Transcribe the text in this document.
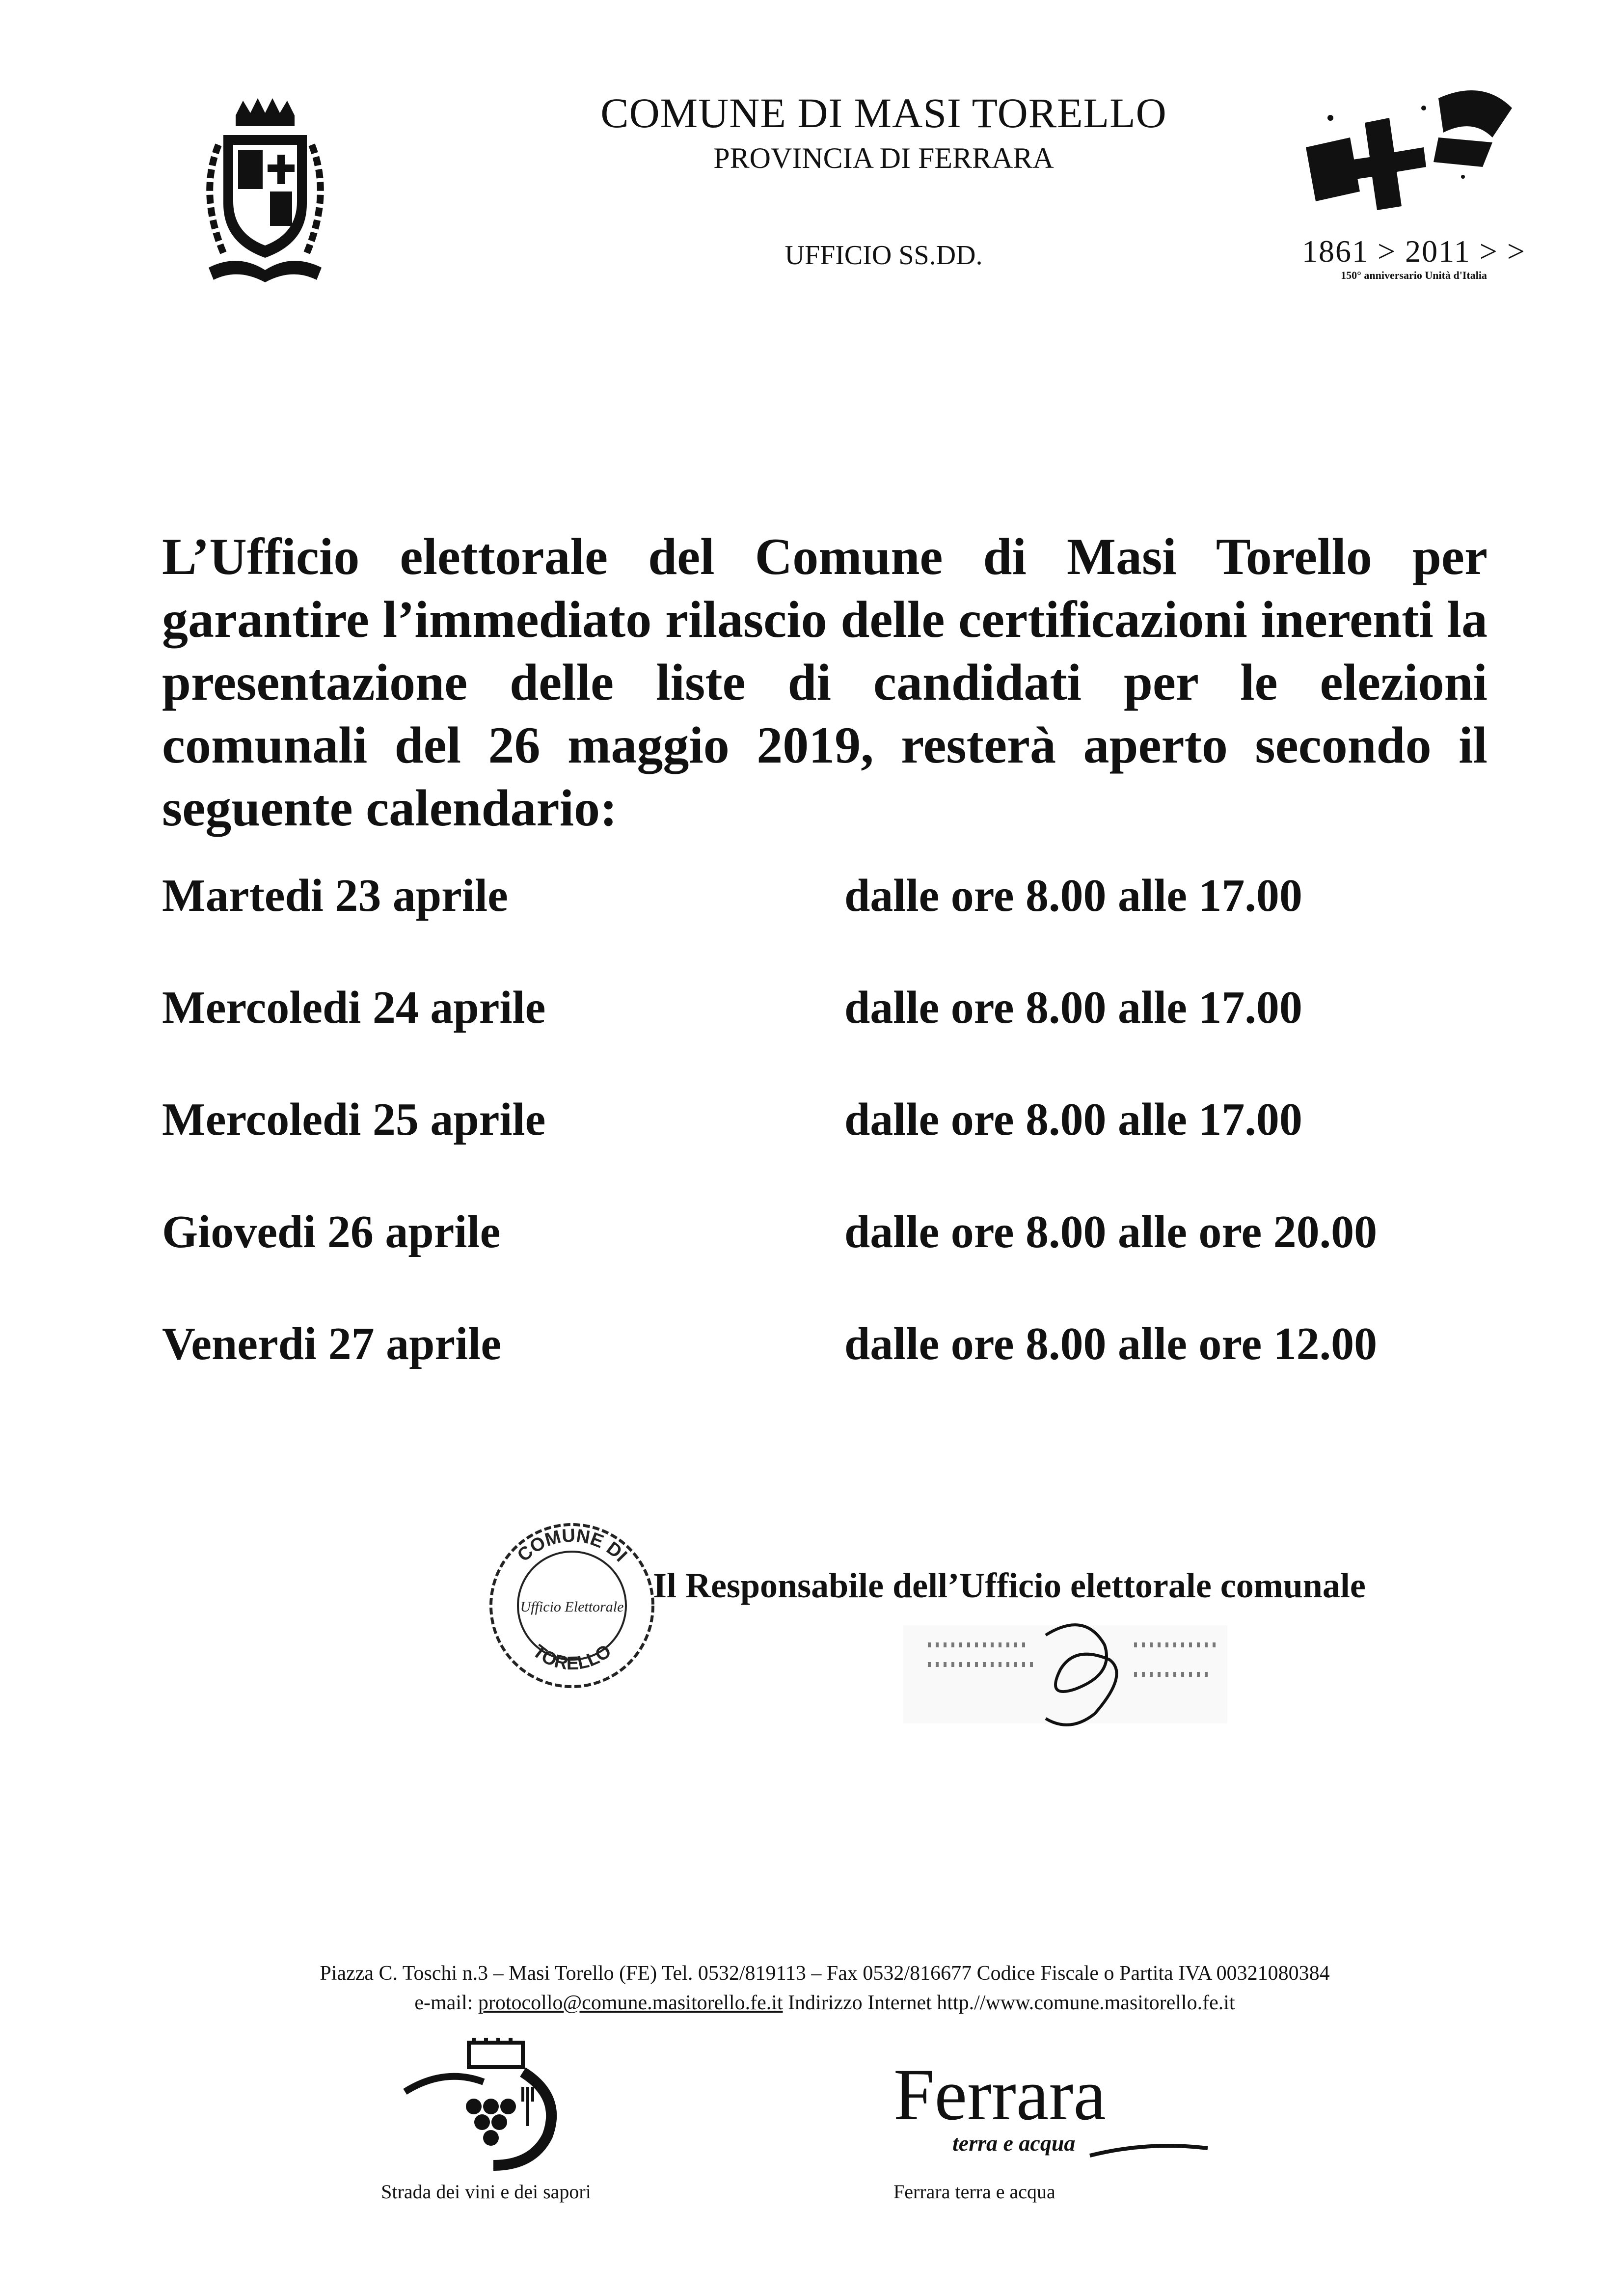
COMUNE DI MASI TORELLO
PROVINCIA DI FERRARA
UFFICIO SS.DD.	1861 > 2011 > >
150° anniversario Unità d'Italia
L’Ufficio elettorale del Comune di Masi Torello per garantire l’immediato rilascio delle certificazioni inerenti la presentazione delle liste di candidati per le elezioni comunali del 26 maggio 2019, resterà aperto secondo il seguente calendario:
Martedi 23 aprile	dalle ore 8.00 alle 17.00
Mercoledi 24 aprile	dalle ore 8.00 alle 17.00
Mercoledi 25 aprile	dalle ore 8.00 alle 17.00
Giovedi 26 aprile	dalle ore 8.00 alle ore 20.00
Venerdi 27 aprile	dalle ore 8.00 alle ore 12.00
COMUNE DI
TORELLO
Ufficio Elettorale
Il Responsabile dell’Ufficio elettorale comunale
Piazza C. Toschi n.3 – Masi Torello (FE) Tel. 0532/819113 – Fax 0532/816677 Codice Fiscale o Partita IVA 00321080384
e-mail: protocollo@comune.masitorello.fe.it Indirizzo Internet http.//www.comune.masitorello.fe.it
Strada dei vini e dei sapori
Ferrara
terra e acqua
Ferrara terra e acqua
